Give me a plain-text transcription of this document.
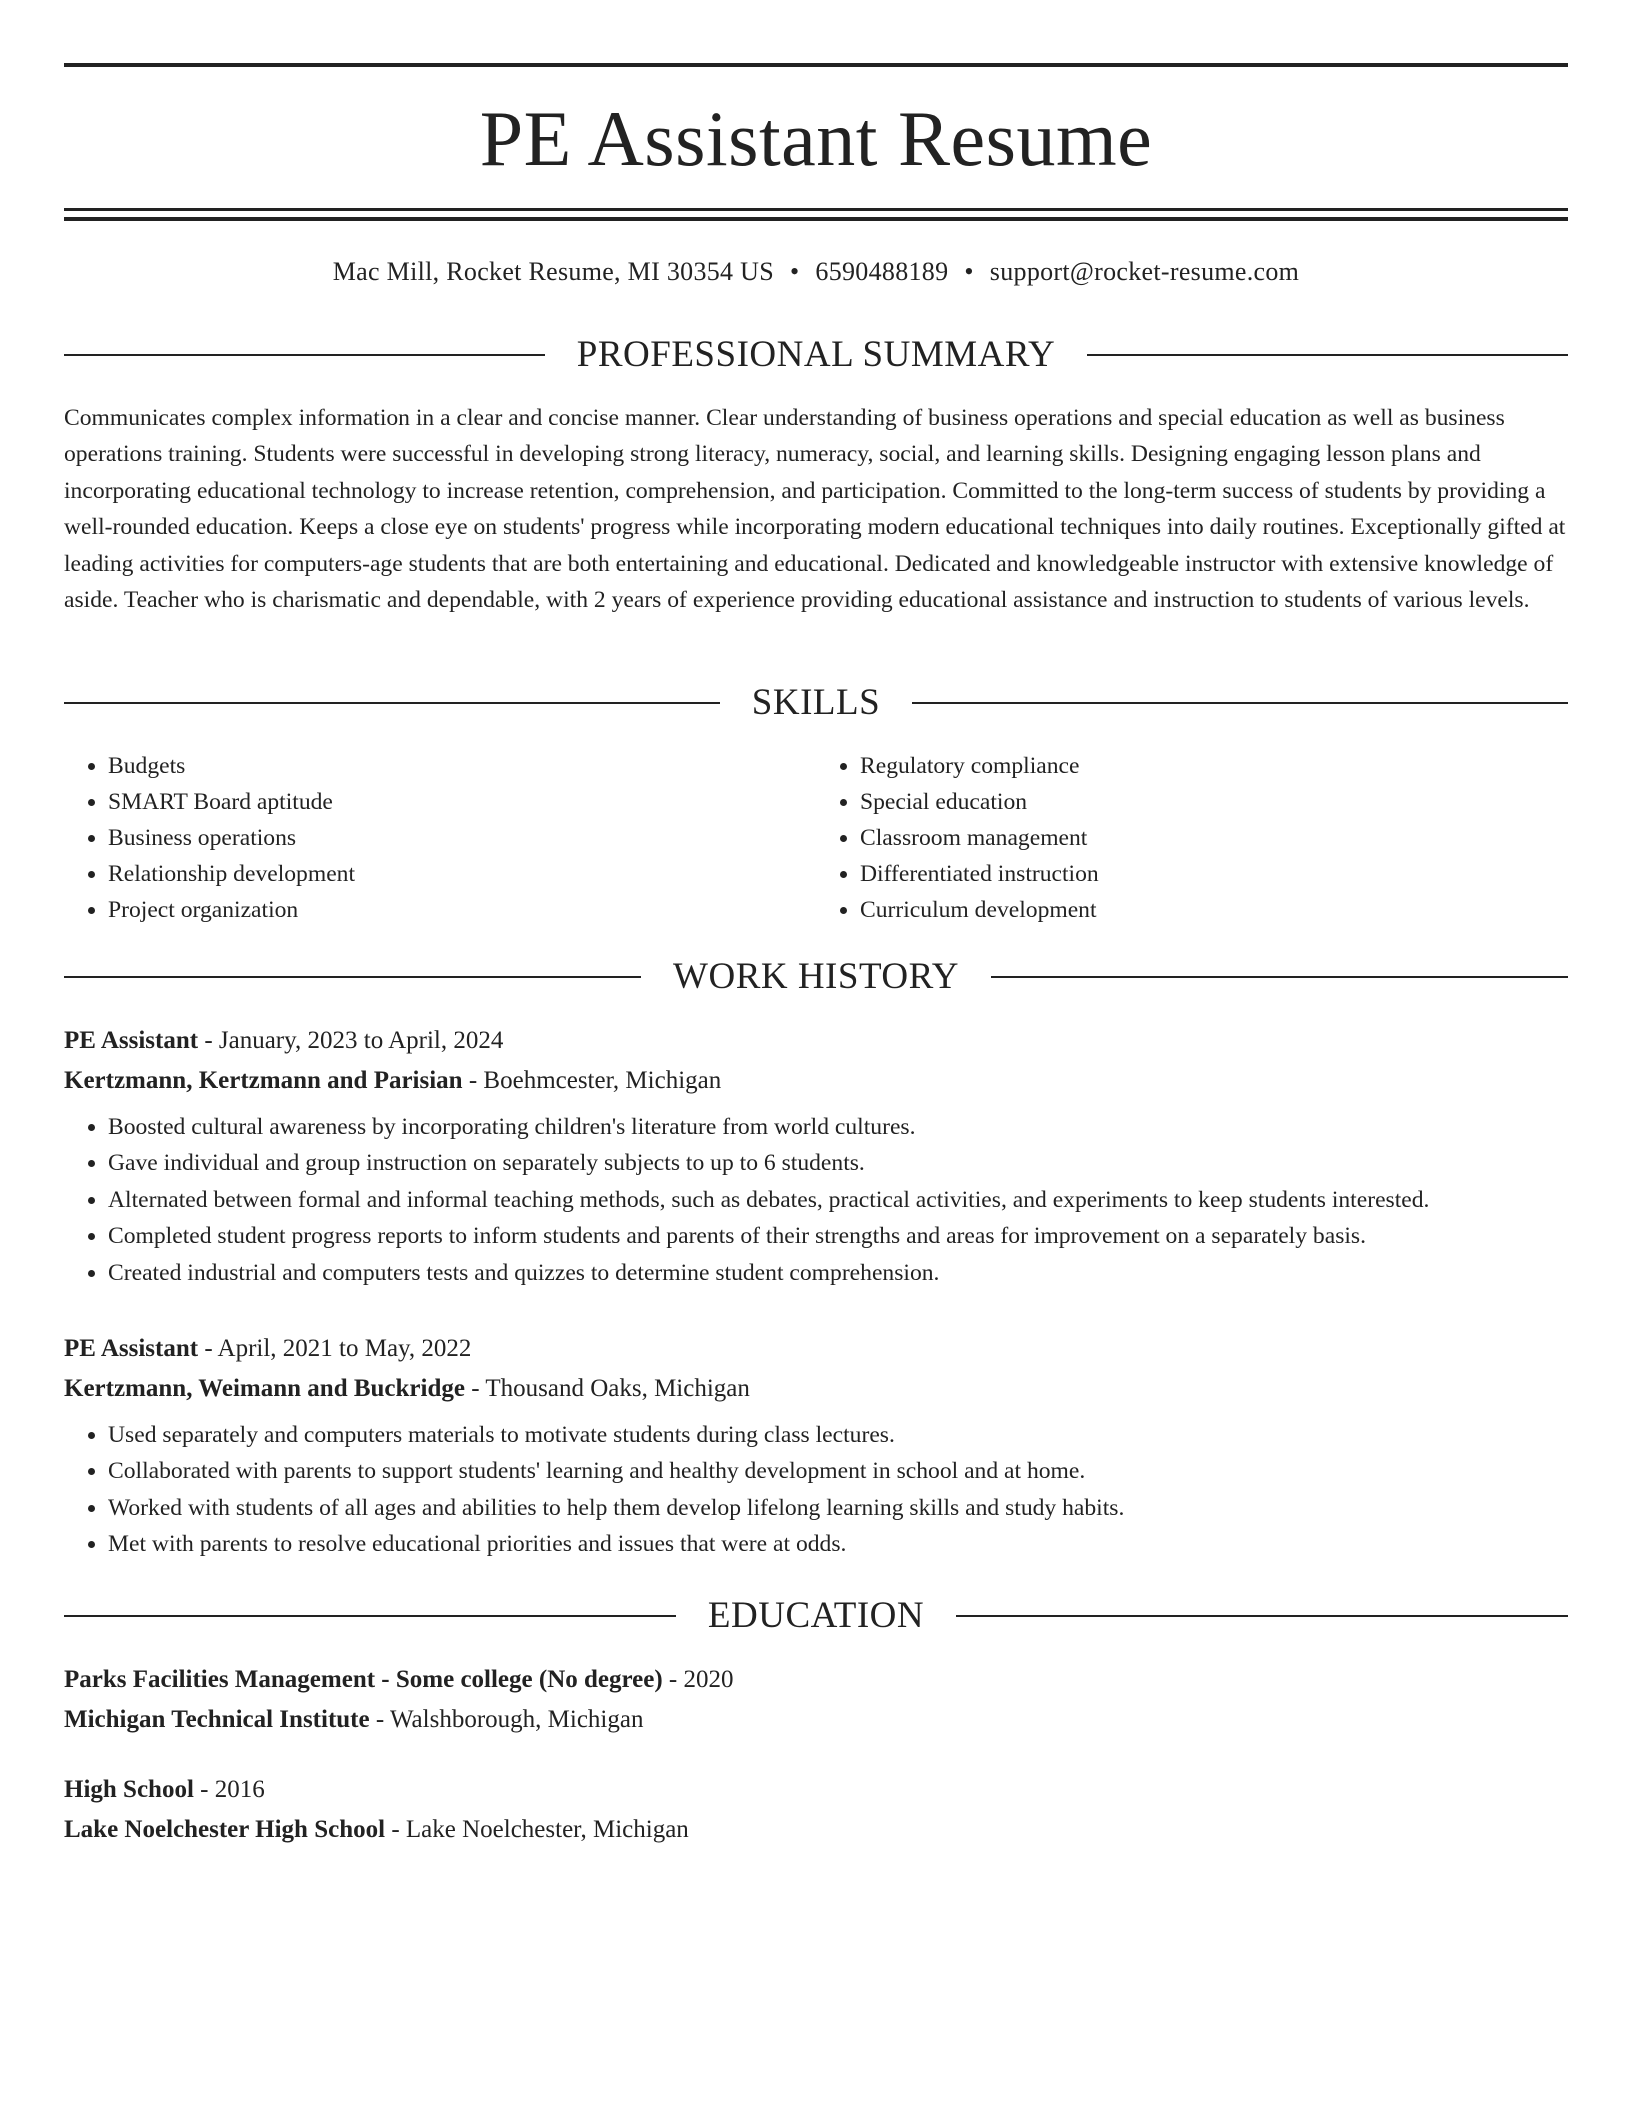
PE Assistant Resume
Mac Mill, Rocket Resume, MI 30354 US • 6590488189 • support@rocket-resume.com
PROFESSIONAL SUMMARY

Communicates complex information in a clear and concise manner. Clear understanding of business operations and special education as well as business operations training. Students were successful in developing strong literacy, numeracy, social, and learning skills. Designing engaging lesson plans and incorporating educational technology to increase retention, comprehension, and participation. Committed to the long-term success of students by providing a well-rounded education. Keeps a close eye on students' progress while incorporating modern educational techniques into daily routines. Exceptionally gifted at leading activities for computers-age students that are both entertaining and educational. Dedicated and knowledgeable instructor with extensive knowledge of aside. Teacher who is charismatic and dependable, with 2 years of experience providing educational assistance and instruction to students of various levels.

SKILLS
• Budgets
• SMART Board aptitude
• Business operations
• Relationship development
• Project organization
• Regulatory compliance
• Special education
• Classroom management
• Differentiated instruction
• Curriculum development
WORK HISTORY

PE Assistant - January, 2023 to April, 2024

Kertzmann, Kertzmann and Parisian - Boehmcester, Michigan

• Boosted cultural awareness by incorporating children's literature from world cultures.
• Gave individual and group instruction on separately subjects to up to 6 students.
• Alternated between formal and informal teaching methods, such as debates, practical activities, and experiments to keep students interested.
• Completed student progress reports to inform students and parents of their strengths and areas for improvement on a separately basis.
• Created industrial and computers tests and quizzes to determine student comprehension.

PE Assistant - April, 2021 to May, 2022

Kertzmann, Weimann and Buckridge - Thousand Oaks, Michigan

• Used separately and computers materials to motivate students during class lectures.
• Collaborated with parents to support students' learning and healthy development in school and at home.
• Worked with students of all ages and abilities to help them develop lifelong learning skills and study habits.
• Met with parents to resolve educational priorities and issues that were at odds.
EDUCATION

Parks Facilities Management - Some college (No degree) - 2020

Michigan Technical Institute - Walshborough, Michigan

High School - 2016

Lake Noelchester High School - Lake Noelchester, Michigan
